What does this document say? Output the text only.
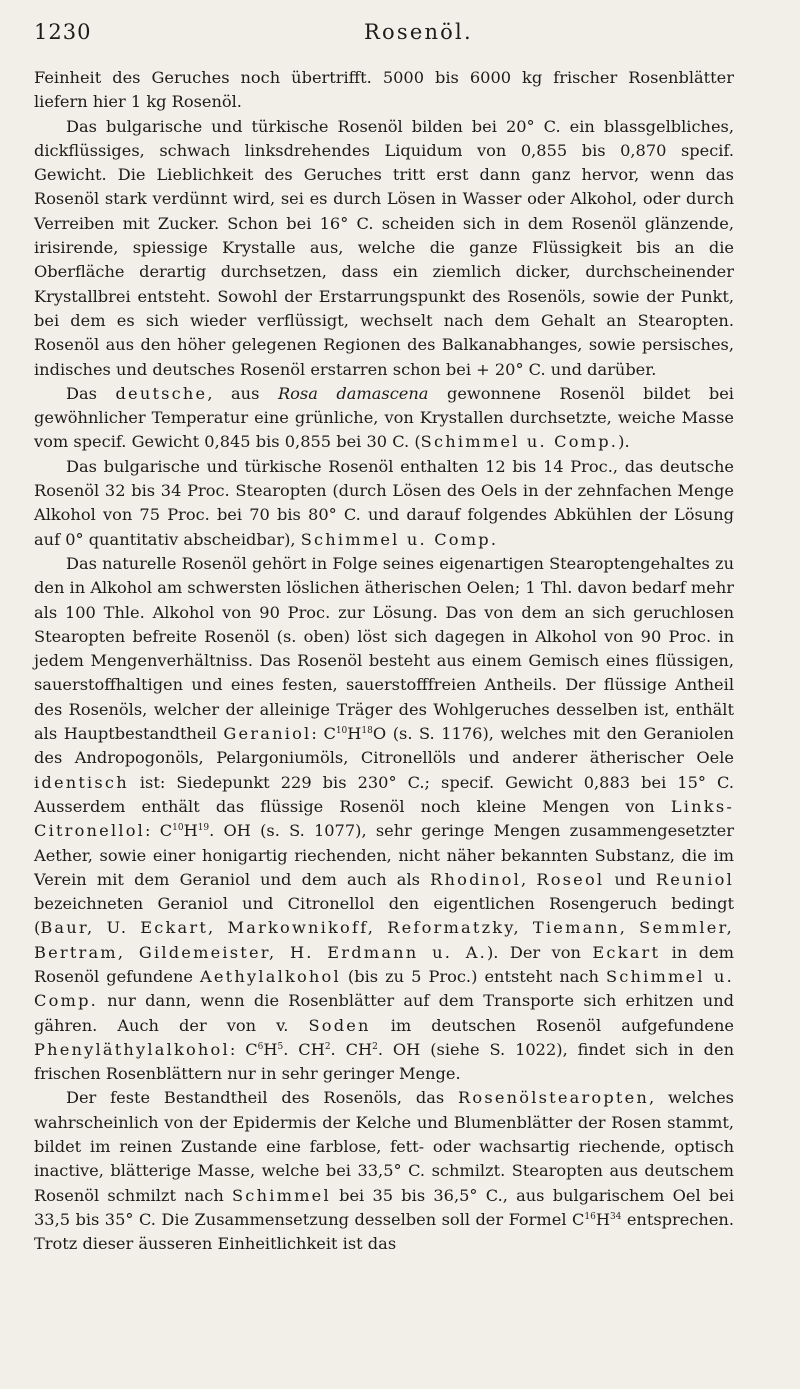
1230	Rosenöl.

Feinheit des Geruches noch übertrifft. 5000 bis 6000 kg frischer Rosenblätter liefern hier 1 kg Rosenöl.

Das bulgarische und türkische Rosenöl bilden bei 20° C. ein blassgelbliches, dickflüssiges, schwach linksdrehendes Liquidum von 0,855 bis 0,870 specif. Gewicht. Die Lieblichkeit des Geruches tritt erst dann ganz hervor, wenn das Rosenöl stark verdünnt wird, sei es durch Lösen in Wasser oder Alkohol, oder durch Verreiben mit Zucker. Schon bei 16° C. scheiden sich in dem Rosenöl glänzende, irisirende, spiessige Krystalle aus, welche die ganze Flüssigkeit bis an die Oberfläche derartig durchsetzen, dass ein ziemlich dicker, durchscheinender Krystallbrei entsteht. Sowohl der Erstarrungspunkt des Rosenöls, sowie der Punkt, bei dem es sich wieder verflüssigt, wechselt nach dem Gehalt an Stearopten. Rosenöl aus den höher gelegenen Regionen des Balkanabhanges, sowie persisches, indisches und deutsches Rosenöl erstarren schon bei + 20° C. und darüber.

Das deutsche, aus Rosa damascena gewonnene Rosenöl bildet bei gewöhnlicher Temperatur eine grünliche, von Krystallen durchsetzte, weiche Masse vom specif. Gewicht 0,845 bis 0,855 bei 30 C. (Schimmel u. Comp.).

Das bulgarische und türkische Rosenöl enthalten 12 bis 14 Proc., das deutsche Rosenöl 32 bis 34 Proc. Stearopten (durch Lösen des Oels in der zehnfachen Menge Alkohol von 75 Proc. bei 70 bis 80° C. und darauf folgendes Abkühlen der Lösung auf 0° quantitativ abscheidbar), Schimmel u. Comp.

Das naturelle Rosenöl gehört in Folge seines eigenartigen Stearoptengehaltes zu den in Alkohol am schwersten löslichen ätherischen Oelen; 1 Thl. davon bedarf mehr als 100 Thle. Alkohol von 90 Proc. zur Lösung. Das von dem an sich geruchlosen Stearopten befreite Rosenöl (s. oben) löst sich dagegen in Alkohol von 90 Proc. in jedem Mengenverhältniss. Das Rosenöl besteht aus einem Gemisch eines flüssigen, sauerstoffhaltigen und eines festen, sauerstofffreien Antheils. Der flüssige Antheil des Rosenöls, welcher der alleinige Träger des Wohlgeruches desselben ist, enthält als Hauptbestandtheil Geraniol: $C^{10}H^{18}O$ (s. S. 1176), welches mit den Geraniolen des Andropogonöls, Pelargoniumöls, Citronellöls und anderer ätherischer Oele identisch ist: Siedepunkt 229 bis 230° C.; specif. Gewicht 0,883 bei 15° C. Ausserdem enthält das flüssige Rosenöl noch kleine Mengen von Links-Citronellol: $C^{10}H^{19}$. OH (s. S. 1077), sehr geringe Mengen zusammengesetzter Aether, sowie einer honigartig riechenden, nicht näher bekannten Substanz, die im Verein mit dem Geraniol und dem auch als Rhodinol, Roseol und Reuniol bezeichneten Geraniol und Citronellol den eigentlichen Rosengeruch bedingt (Baur, U. Eckart, Markownikoff, Reformatzky, Tiemann, Semmler, Bertram, Gildemeister, H. Erdmann u. A.). Der von Eckart in dem Rosenöl gefundene Aethylalkohol (bis zu 5 Proc.) entsteht nach Schimmel u. Comp. nur dann, wenn die Rosenblätter auf dem Transporte sich erhitzen und gähren. Auch der von v. Soden im deutschen Rosenöl aufgefundene Phenyläthylalkohol: $C^6H^5$. $CH^2$. $CH^2$. OH (siehe S. 1022), findet sich in den frischen Rosenblättern nur in sehr geringer Menge.

Der feste Bestandtheil des Rosenöls, das Rosenölstearopten, welches wahrscheinlich von der Epidermis der Kelche und Blumenblätter der Rosen stammt, bildet im reinen Zustande eine farblose, fett- oder wachsartig riechende, optisch inactive, blätterige Masse, welche bei 33,5° C. schmilzt. Stearopten aus deutschem Rosenöl schmilzt nach Schimmel bei 35 bis 36,5° C., aus bulgarischem Oel bei 33,5 bis 35° C. Die Zusammensetzung desselben soll der Formel $C^{16}H^{34}$ entsprechen. Trotz dieser äusseren Einheitlichkeit ist das
